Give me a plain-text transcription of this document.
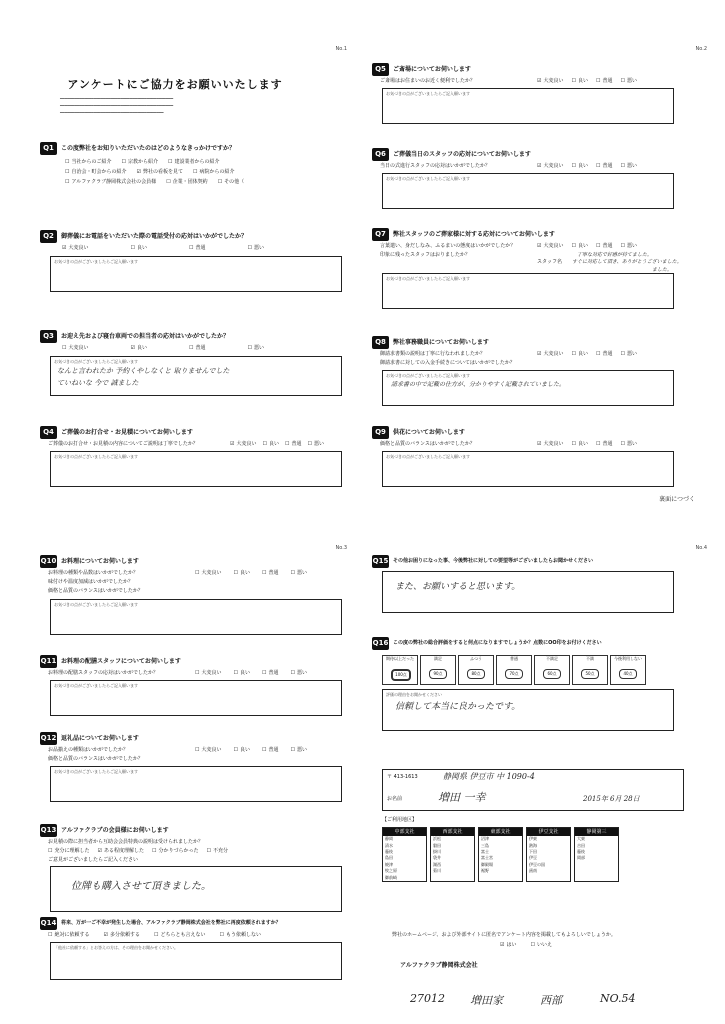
No.1
アンケートにご協力をお願いいたします
━━━━━━━━━━━━━━━━━━━━━━━━━━━━━━━━━━━━━━━━━━━━━━━
━━━━━━━━━━━━━━━━━━━━━━━━━━━━━━━━━━━━━━━━━━━━━━━
━━━━━━━━━━━━━━━━━━━━━━━━━━━━━━━━━━━━━━━━━━━
Q1	この度弊社をお知りいただいたのはどのようなきっかけですか？
☐ 当社からのご紹介	☐ 宗教から紹介	☐ 建設業者からの紹介
☐ 自治会・町会からの紹介	☑ 弊社の看板を見て	☐ 病院からの紹介
☐ アルファクラブ静岡株式会社の会員様	☐ 企業・団体契約	☐ その他（
Q2	御葬儀にお電話をいただいた際の電話受付の応対はいかがでしたか？
☑ 大変良い	☐ 良い	☐ 普通	☐ 悪い
お気づきの点がございましたらご記入願います
Q3	お迎え先および寝台車両での担当者の応対はいかがでしたか？
☐ 大変良い	☑ 良い	☐ 普通	☐ 悪い
お気づきの点がございましたらご記入願います
なんと言われたか 予約くやしなくと 取りませんでした
ていねいな 今で 誠ました
Q4	ご葬儀のお打合せ・お見積についてお伺いします
ご葬儀のお打合せ・お見積の内容についてご説明は丁寧でしたか？	☑ 大変良い	☐ 良い	☐ 普通	☐ 悪い
お気づきの点がございましたらご記入願います
No.2
Q5	ご斎場についてお伺いします
ご斎場はお住まいのお近く便利でしたか？	☑ 大変良い	☐ 良い	☐ 普通	☐ 悪い
お気づきの点がございましたらご記入願います
Q6	ご葬儀当日のスタッフの応対についてお伺いします
当日の式進行スタッフの応対はいかがでしたか？	☑ 大変良い	☐ 良い	☐ 普通	☐ 悪い
お気づきの点がございましたらご記入願います
Q7	弊社スタッフのご葬家様に対する応対についてお伺いします
言葉遣い、身だしなみ、ふるまいの態度はいかがでしたか？
印象に残ったスタッフはおりましたか？
☑ 大変良い	☐ 良い	☐ 普通	☐ 悪い
丁寧な対応で好感が持てました。
スタッフ名 すぐに対応して頂き、ありがとうございました。
ました。
お気づきの点がございましたらご記入願います
Q8	弊社事務職員についてお伺いします
御請求書類の説明は丁寧に行なわれましたか？
御請求書に対しての入金手続きについてはいかがでしたか？
☑ 大変良い	☐ 良い	☐ 普通	☐ 悪い
お気づきの点がございましたらご記入願います
請求書の中で記載の仕方が、分かりやすく記載されていました。
Q9	供花についてお伺いします
価格と品質のバランスはいかがでしたか？	☑ 大変良い	☐ 良い	☐ 普通	☐ 悪い
お気づきの点がございましたらご記入願います
裏面につづく
No.3
Q10 お料理についてお伺いします
お料理の種類や品数はいかがでしたか？
味付けや温度加減はいかがでしたか？
価格と品質のバランスはいかがでしたか？
☐ 大変良い	☐ 良い	☐ 普通	☐ 悪い
お気づきの点がございましたらご記入願います
Q11 お料理の配膳スタッフについてお伺いします
お料理の配膳スタッフの応対はいかがでしたか？	☐ 大変良い	☐ 良い	☐ 普通	☐ 悪い
お気づきの点がございましたらご記入願います
Q12 返礼品についてお伺いします
お品揃えの種類はいかがでしたか？
価格と品質のバランスはいかがでしたか？
☐ 大変良い	☐ 良い	☐ 普通	☐ 悪い
お気づきの点がございましたらご記入願います
Q13 アルファクラブの会員様にお伺いします
お見積の際に担当者から互助会会員特典の説明は受けられましたか？
☐ 充分に理解した	☑ ある程度理解した	☐ 分かりづらかった	☐ 不充分
ご意見がございましたらご記入ください
位牌も購入させて頂きました。
Q14 将来、万が一ご不幸が発生した場合、アルファクラブ静岡株式会社を弊社に再度依頼されますか？
☐ 絶対に依頼する	☑ 多分依頼する	☐ どちらとも言えない	☐ もう依頼しない
「他社に依頼する」とお答えの方は、その理由をお聞かせください。
No.4
Q15 その他お困りになった事、今後弊社に対しての要望等がございましたらお聞かせください
また、お願いすると思います。
Q16 この度の弊社の総合評価をすると何点になりますでしょうか？点数にOO印をお付けください
期待以上だった
100点
満足
90点
ふつう
80点
普通
70点
不満足
60点
不満
50点
今後利用しない
40点
評価の理由をお聞かせください
信頼して本当に良かったです。
〒 413-1613	静岡県 伊豆市 中 1090-4
お名前	増田 一幸	2015年 6月 28日
【ご利用地区】
中部支社
静岡
清水
藤枝
島田
焼津
牧之原
御前崎
西部支社
浜松
磐田
掛川
袋井
湖西
菊川
東部支社
沼津
三島
富士
富士宮
御殿場
裾野
伊豆支社
伊東
熱海
下田
伊豆
伊豆の国
函南
静岡第三
大東
吉田
藤枝
岡部
弊社のホームページ、および外部サイトに匿名でアンケート内容を掲載してもよろしいでしょうか。
☑ はい	☐ いいえ
アルファクラブ静岡株式会社
27012 増田家	西部	NO.54
